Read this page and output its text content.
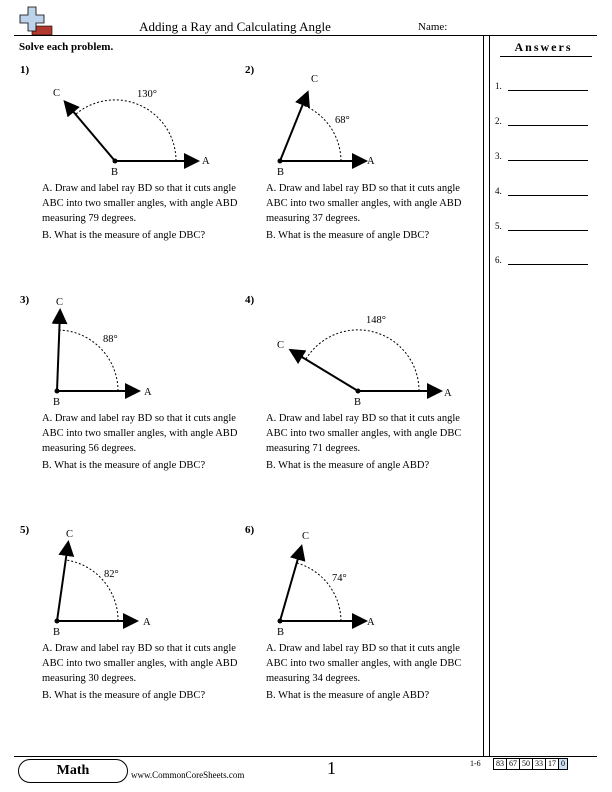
Adding a Ray and Calculating Angle	Name:
Solve each problem.	Answers
1.
2.
3.
4.
5.
6.
1)
130°
C
B
A

A. Draw and label ray BD so that it cuts angle ABC into two smaller angles, with angle ABD measuring 79 degrees.

B. What is the measure of angle DBC?

2)
68°
C
B
A

A. Draw and label ray BD so that it cuts angle ABC into two smaller angles, with angle ABD measuring 37 degrees.

B. What is the measure of angle DBC?

3)
88°
C
B
A

A. Draw and label ray BD so that it cuts angle ABC into two smaller angles, with angle ABD measuring 56 degrees.

B. What is the measure of angle DBC?

4)
148°
C
B
A

A. Draw and label ray BD so that it cuts angle ABC into two smaller angles, with angle DBC measuring 71 degrees.

B. What is the measure of angle ABD?

5)
82°
C
B
A

A. Draw and label ray BD so that it cuts angle ABC into two smaller angles, with angle ABD measuring 30 degrees.

B. What is the measure of angle DBC?

6)
74°
C
B
A

A. Draw and label ray BD so that it cuts angle ABC into two smaller angles, with angle DBC measuring 34 degrees.

B. What is the measure of angle ABD?

Math	www.CommonCoreSheets.com	1	1-6	83 67 50 33 17 0
